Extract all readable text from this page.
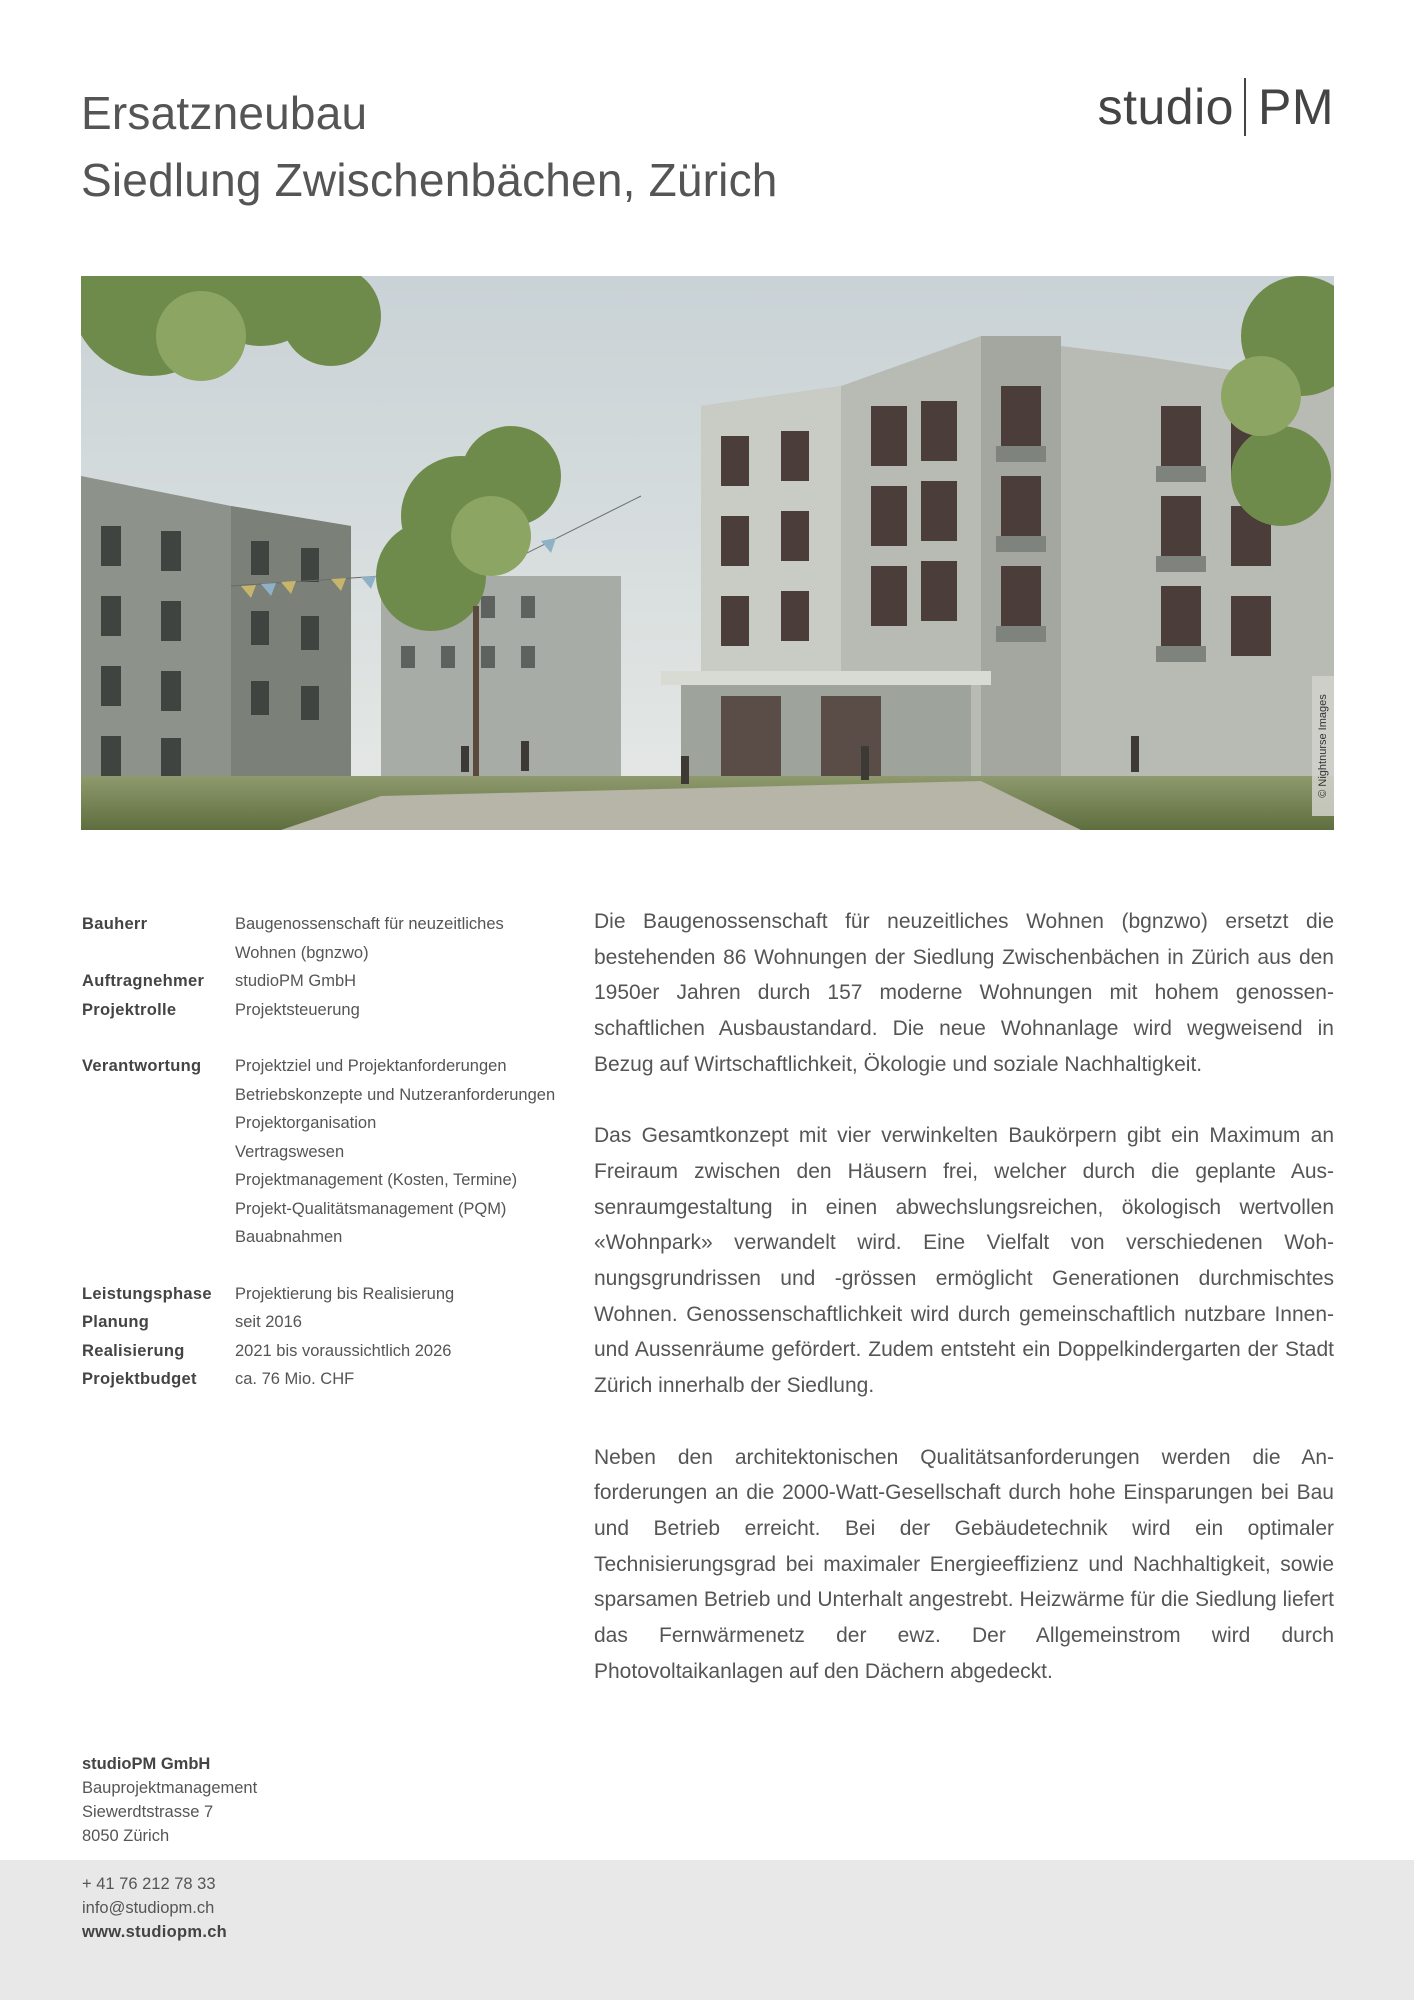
Ersatzneubau
Siedlung Zwischenbächen, Zürich
studio PM
© Nightnurse Images
Bauherr	Baugenossenschaft für neuzeitliches
Wohnen (bgnzwo)
Auftragnehmer	studioPM GmbH
Projektrolle	Projektsteuerung
Verantwortung	Projektziel und Projektanforderungen
Betriebskonzepte und Nutzeranforderungen
Projektorganisation
Vertragswesen
Projektmanagement (Kosten, Termine)
Projekt-Qualitätsmanagement (PQM)
Bauabnahmen
Leistungsphase	Projektierung bis Realisierung
Planung	seit 2016
Realisierung	2021 bis voraussichtlich 2026
Projektbudget	ca. 76 Mio. CHF

Die Baugenossenschaft für neuzeitliches Wohnen (bgnzwo) ersetzt die bestehenden 86 Wohnungen der Siedlung Zwischenbächen in Zürich aus den 1950er Jahren durch 157 moderne Wohnungen mit hohem genossenschaftlichen Ausbaustandard. Die neue Wohnanlage wird wegweisend in Bezug auf Wirtschaftlichkeit, Ökologie und soziale Nachhaltigkeit.

Das Gesamtkonzept mit vier verwinkelten Baukörpern gibt ein Maximum an Freiraum zwischen den Häusern frei, welcher durch die geplante Aussenraumgestaltung in einen abwechslungsreichen, ökologisch wertvollen «Wohnpark» verwandelt wird. Eine Vielfalt von verschiedenen Wohnungsgrundrissen und -grössen ermöglicht Generationen durchmischtes Wohnen. Genossenschaftlichkeit wird durch gemeinschaftlich nutzbare Innen- und Aussenräume gefördert. Zudem entsteht ein Doppelkindergarten der Stadt Zürich innerhalb der Siedlung.

Neben den architektonischen Qualitätsanforderungen werden die Anforderungen an die 2000-Watt-Gesellschaft durch hohe Einsparungen bei Bau und Betrieb erreicht. Bei der Gebäudetechnik wird ein optimaler Technisierungsgrad bei maximaler Energieeffizienz und Nachhaltigkeit, sowie sparsamen Betrieb und Unterhalt angestrebt. Heizwärme für die Siedlung liefert das Fernwärmenetz der ewz. Der Allgemeinstrom wird durch Photovoltaikanlagen auf den Dächern abgedeckt.

studioPM GmbH
Bauprojektmanagement
Siewerdtstrasse 7
8050 Zürich
+ 41 76 212 78 33
info@studiopm.ch
www.studiopm.ch
